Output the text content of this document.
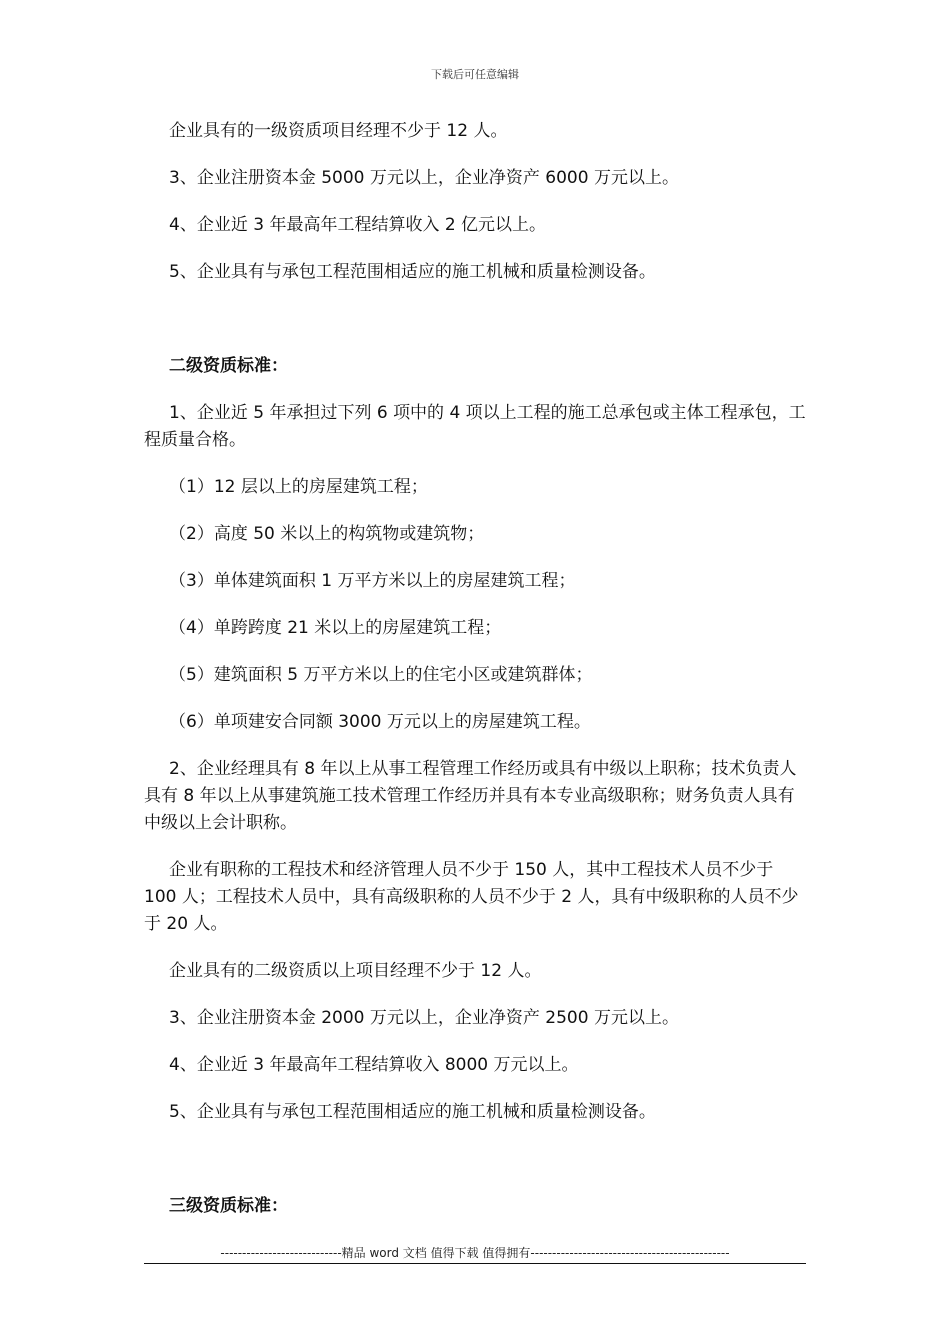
下载后可任意编辑

企业具有的一级资质项目经理不少于 12 人。

3、企业注册资本金 5000 万元以上，企业净资产 6000 万元以上。

4、企业近 3 年最高年工程结算收入 2 亿元以上。

5、企业具有与承包工程范围相适应的施工机械和质量检测设备。

二级资质标准：

1、企业近 5 年承担过下列 6 项中的 4 项以上工程的施工总承包或主体工程承包，工程质量合格。

（1）12 层以上的房屋建筑工程；

（2）高度 50 米以上的构筑物或建筑物；

（3）单体建筑面积 1 万平方米以上的房屋建筑工程；

（4）单跨跨度 21 米以上的房屋建筑工程；

（5）建筑面积 5 万平方米以上的住宅小区或建筑群体；

（6）单项建安合同额 3000 万元以上的房屋建筑工程。

2、企业经理具有 8 年以上从事工程管理工作经历或具有中级以上职称；技术负责人具有 8 年以上从事建筑施工技术管理工作经历并具有本专业高级职称；财务负责人具有中级以上会计职称。

企业有职称的工程技术和经济管理人员不少于 150 人，其中工程技术人员不少于 100 人；工程技术人员中，具有高级职称的人员不少于 2 人，具有中级职称的人员不少于 20 人。

企业具有的二级资质以上项目经理不少于 12 人。

3、企业注册资本金 2000 万元以上，企业净资产 2500 万元以上。

4、企业近 3 年最高年工程结算收入 8000 万元以上。

5、企业具有与承包工程范围相适应的施工机械和质量检测设备。

三级资质标准：

----------------------------精品 word 文档 值得下载 值得拥有----------------------------------------------
